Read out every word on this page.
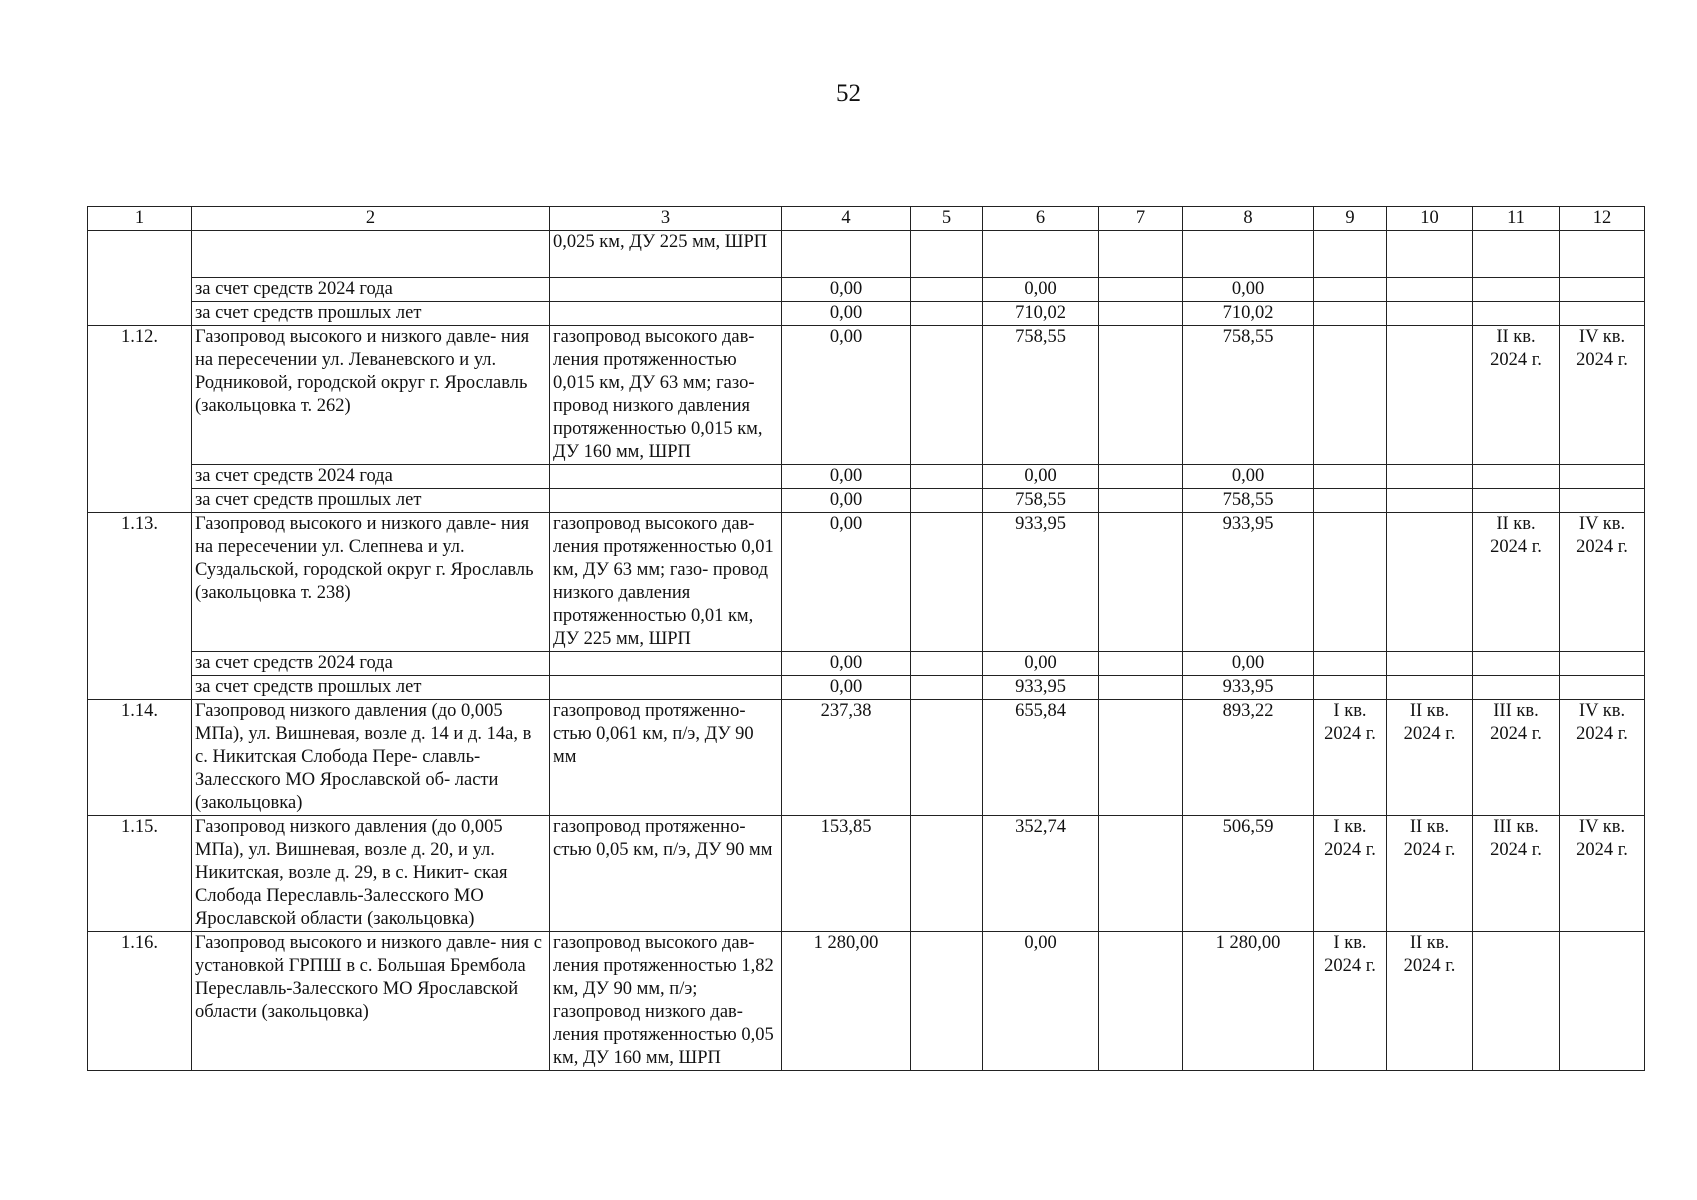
52
1	2	3	4	5	6	7	8	9	10	11	12
		0,025 км, ДУ 225 мм, ШРП									
	за счет средств 2024 года		0,00		0,00		0,00				
	за счет средств прошлых лет		0,00		710,02		710,02				
1.12.	Газопровод высокого и низкого давле- ния на пересечении ул. Леваневского и ул. Родниковой, городской округ г. Ярославль (закольцовка т. 262)	газопровод высокого дав- ления протяженностью 0,015 км, ДУ 63 мм; газо- провод низкого давления протяженностью 0,015 км, ДУ 160 мм, ШРП	0,00		758,55		758,55			II кв. 2024 г.	IV кв. 2024 г.
	за счет средств 2024 года		0,00		0,00		0,00				
	за счет средств прошлых лет		0,00		758,55		758,55				
1.13.	Газопровод высокого и низкого давле- ния на пересечении ул. Слепнева и ул. Суздальской, городской округ г. Ярославль (закольцовка т. 238)	газопровод высокого дав- ления протяженностью 0,01 км, ДУ 63 мм; газо- провод низкого давления протяженностью 0,01 км, ДУ 225 мм, ШРП	0,00		933,95		933,95			II кв. 2024 г.	IV кв. 2024 г.
	за счет средств 2024 года		0,00		0,00		0,00				
	за счет средств прошлых лет		0,00		933,95		933,95				
1.14.	Газопровод низкого давления (до 0,005 МПа), ул. Вишневая, возле д. 14 и д. 14а, в с. Никитская Слобода Пере- славль-Залесского МО Ярославской об- ласти (закольцовка)	газопровод протяженно- стью 0,061 км, п/э, ДУ 90 мм	237,38		655,84		893,22	I кв. 2024 г.	II кв. 2024 г.	III кв. 2024 г.	IV кв. 2024 г.
1.15.	Газопровод низкого давления (до 0,005 МПа), ул. Вишневая, возле д. 20, и ул. Никитская, возле д. 29, в с. Никит- ская Слобода Переславль-Залесского МО Ярославской области (закольцовка)	газопровод протяженно- стью 0,05 км, п/э, ДУ 90 мм	153,85		352,74		506,59	I кв. 2024 г.	II кв. 2024 г.	III кв. 2024 г.	IV кв. 2024 г.
1.16.	Газопровод высокого и низкого давле- ния с установкой ГРПШ в с. Большая Брембола Переславль-Залесского МО Ярославской области (закольцовка)	газопровод высокого дав- ления протяженностью 1,82 км, ДУ 90 мм, п/э; газопровод низкого дав- ления протяженностью 0,05 км, ДУ 160 мм, ШРП	1 280,00		0,00		1 280,00	I кв. 2024 г.	II кв. 2024 г.		
